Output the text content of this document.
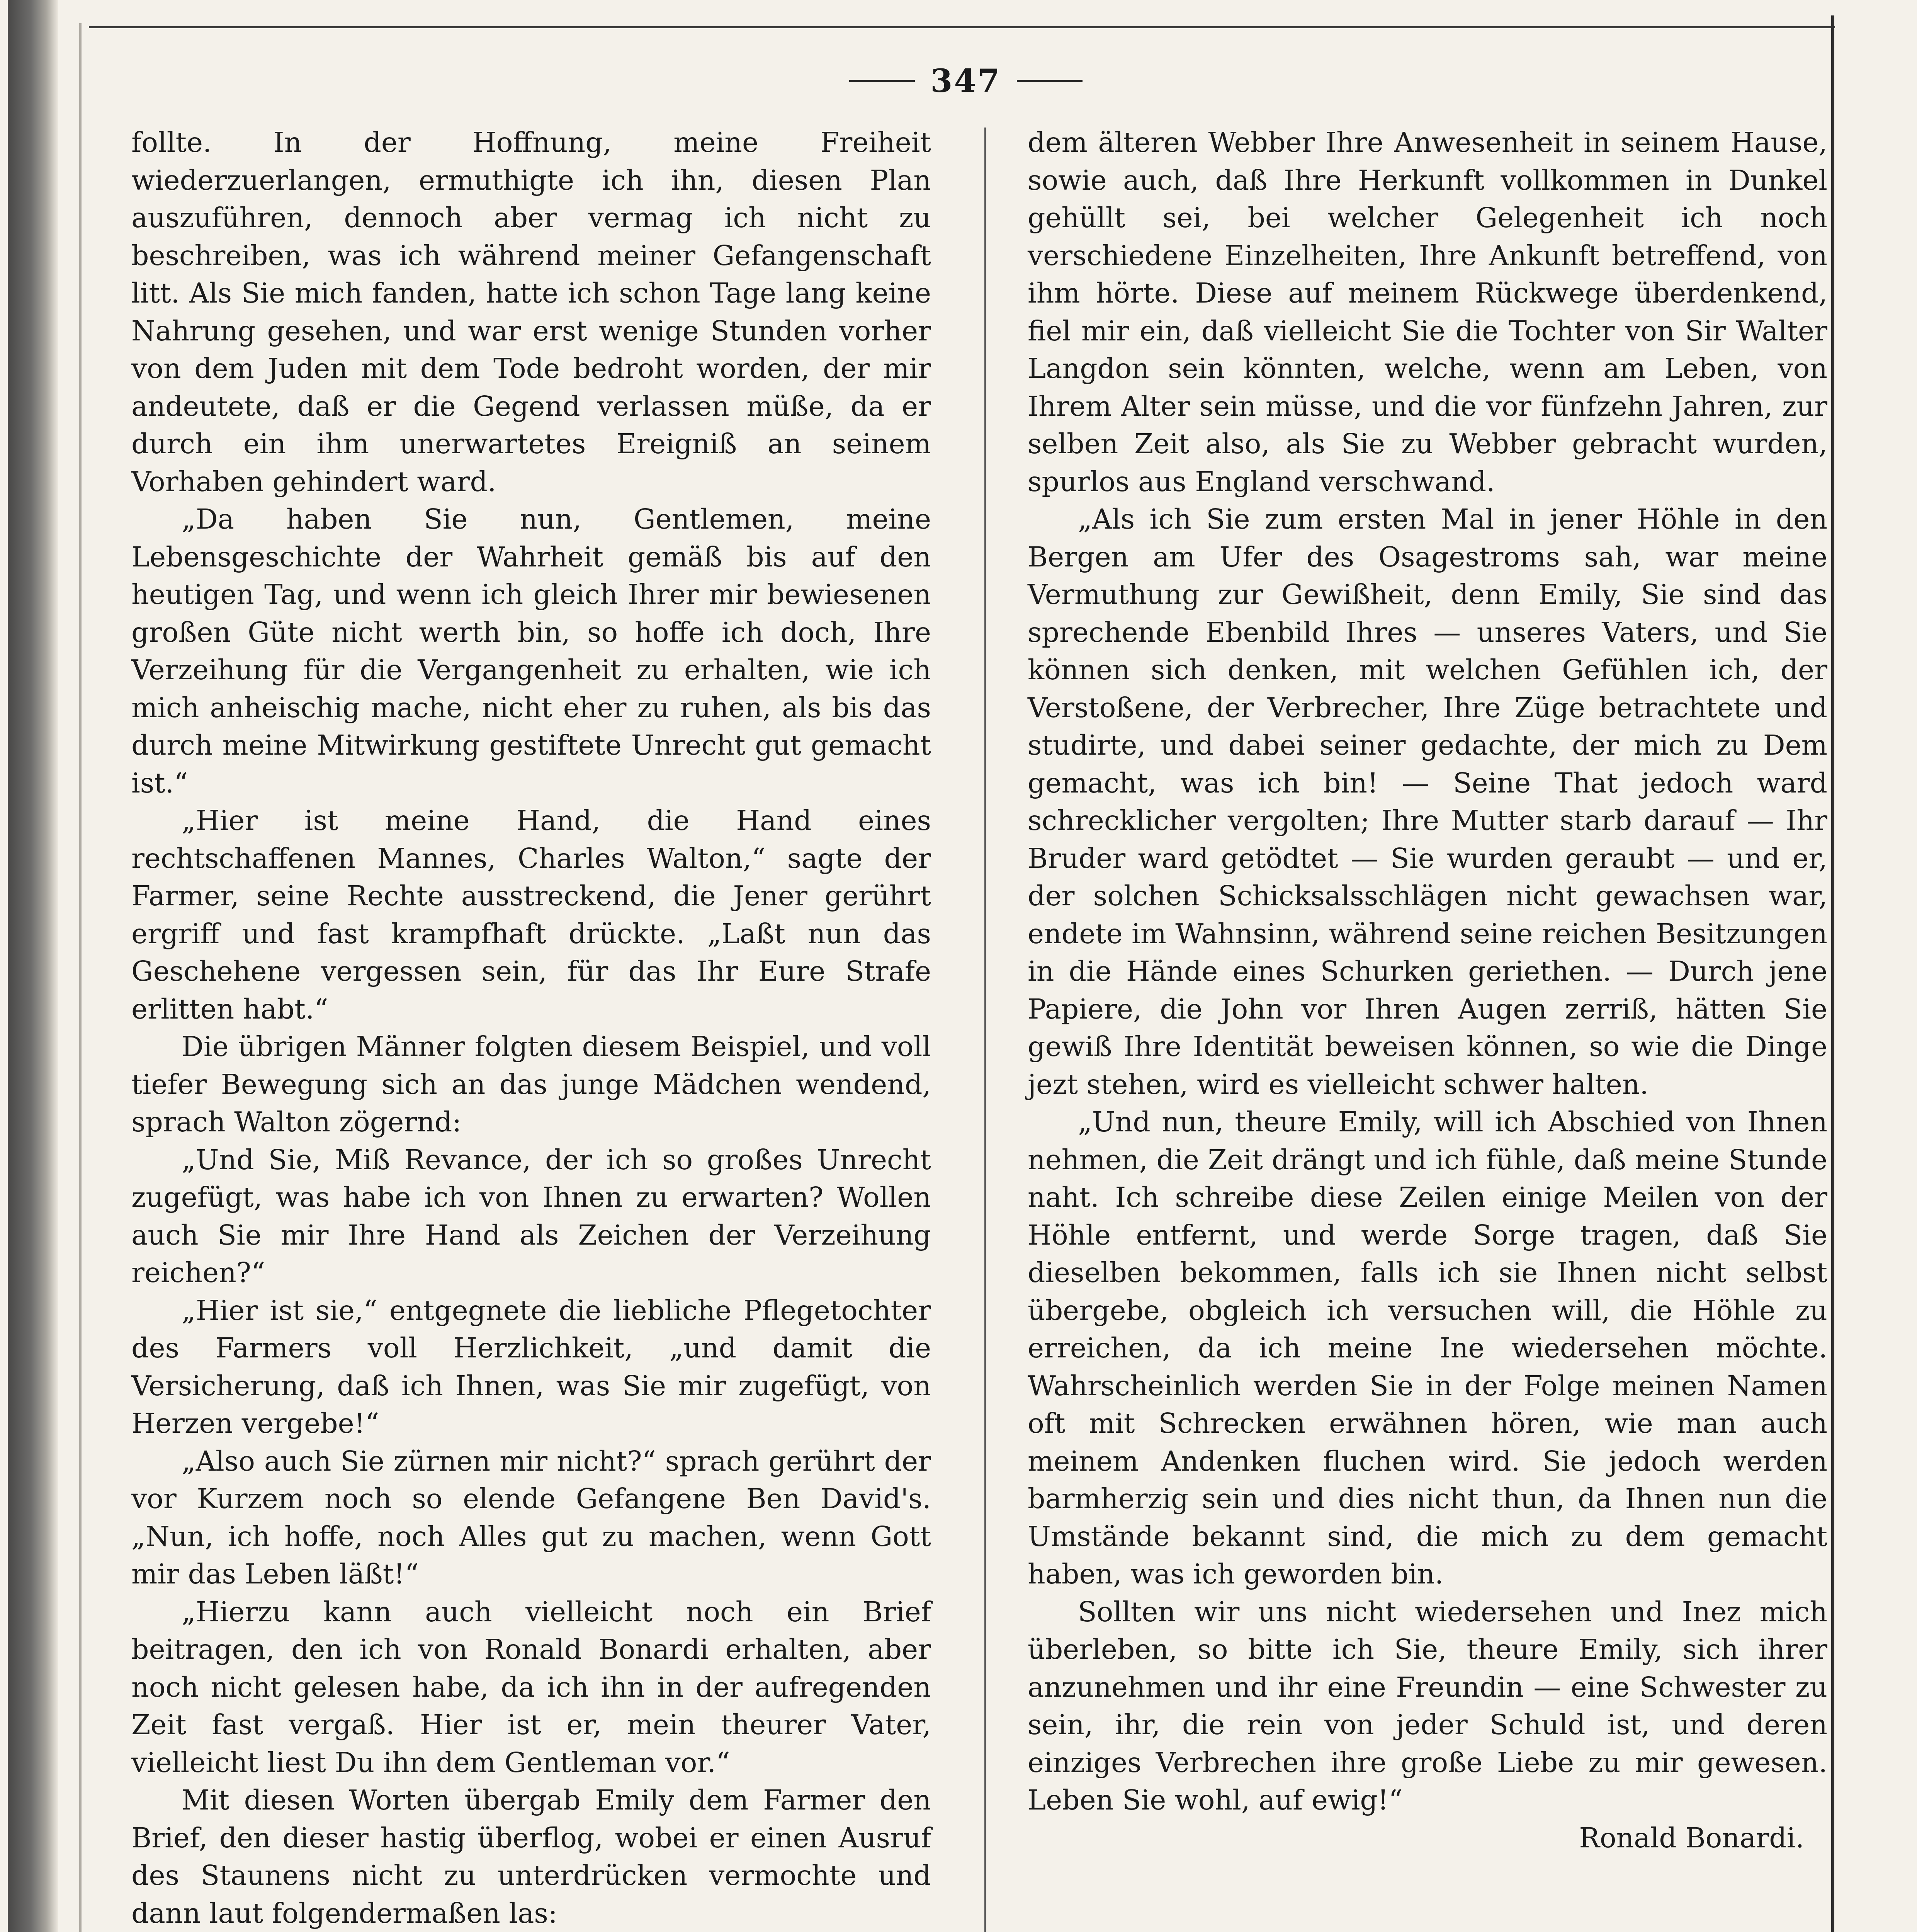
347

follte. In der Hoffnung, meine Freiheit wiederzuerlangen, ermuthigte ich ihn, diesen Plan auszuführen, dennoch aber vermag ich nicht zu beschreiben, was ich während meiner Gefangenschaft litt. Als Sie mich fanden, hatte ich schon Tage lang keine Nahrung gesehen, und war erst wenige Stunden vorher von dem Juden mit dem Tode bedroht worden, der mir andeutete, daß er die Gegend verlassen müße, da er durch ein ihm unerwartetes Ereigniß an seinem Vorhaben gehindert ward.

„Da haben Sie nun, Gentlemen, meine Lebensgeschichte der Wahrheit gemäß bis auf den heutigen Tag, und wenn ich gleich Ihrer mir bewiesenen großen Güte nicht werth bin, so hoffe ich doch, Ihre Verzeihung für die Vergangenheit zu erhalten, wie ich mich anheischig mache, nicht eher zu ruhen, als bis das durch meine Mitwirkung gestiftete Unrecht gut gemacht ist.“

„Hier ist meine Hand, die Hand eines rechtschaffenen Mannes, Charles Walton,“ sagte der Farmer, seine Rechte ausstreckend, die Jener gerührt ergriff und fast krampfhaft drückte. „Laßt nun das Geschehene vergessen sein, für das Ihr Eure Strafe erlitten habt.“

Die übrigen Männer folgten diesem Beispiel, und voll tiefer Bewegung sich an das junge Mädchen wendend, sprach Walton zögernd:

„Und Sie, Miß Revance, der ich so großes Unrecht zugefügt, was habe ich von Ihnen zu erwarten? Wollen auch Sie mir Ihre Hand als Zeichen der Verzeihung reichen?“

„Hier ist sie,“ entgegnete die liebliche Pflegetochter des Farmers voll Herzlichkeit, „und damit die Versicherung, daß ich Ihnen, was Sie mir zugefügt, von Herzen vergebe!“

„Also auch Sie zürnen mir nicht?“ sprach gerührt der vor Kurzem noch so elende Gefangene Ben David's. „Nun, ich hoffe, noch Alles gut zu machen, wenn Gott mir das Leben läßt!“

„Hierzu kann auch vielleicht noch ein Brief beitragen, den ich von Ronald Bonardi erhalten, aber noch nicht gelesen habe, da ich ihn in der aufregenden Zeit fast vergaß. Hier ist er, mein theurer Vater, vielleicht liest Du ihn dem Gentleman vor.“

Mit diesen Worten übergab Emily dem Farmer den Brief, den dieser hastig überflog, wobei er einen Ausruf des Staunens nicht zu unterdrücken vermochte und dann laut folgendermaßen las:

dem älteren Webber Ihre Anwesenheit in seinem Hause, sowie auch, daß Ihre Herkunft vollkommen in Dunkel gehüllt sei, bei welcher Gelegenheit ich noch verschiedene Einzelheiten, Ihre Ankunft betreffend, von ihm hörte. Diese auf meinem Rückwege überdenkend, fiel mir ein, daß vielleicht Sie die Tochter von Sir Walter Langdon sein könnten, welche, wenn am Leben, von Ihrem Alter sein müsse, und die vor fünfzehn Jahren, zur selben Zeit also, als Sie zu Webber gebracht wurden, spurlos aus England verschwand.

„Als ich Sie zum ersten Mal in jener Höhle in den Bergen am Ufer des Osagestroms sah, war meine Vermuthung zur Gewißheit, denn Emily, Sie sind das sprechende Ebenbild Ihres — unseres Vaters, und Sie können sich denken, mit welchen Gefühlen ich, der Verstoßene, der Verbrecher, Ihre Züge betrachtete und studirte, und dabei seiner gedachte, der mich zu Dem gemacht, was ich bin! — Seine That jedoch ward schrecklicher vergolten; Ihre Mutter starb darauf — Ihr Bruder ward getödtet — Sie wurden geraubt — und er, der solchen Schicksalsschlägen nicht gewachsen war, endete im Wahnsinn, während seine reichen Besitzungen in die Hände eines Schurken geriethen. — Durch jene Papiere, die John vor Ihren Augen zerriß, hätten Sie gewiß Ihre Identität beweisen können, so wie die Dinge jezt stehen, wird es vielleicht schwer halten.

„Und nun, theure Emily, will ich Abschied von Ihnen nehmen, die Zeit drängt und ich fühle, daß meine Stunde naht. Ich schreibe diese Zeilen einige Meilen von der Höhle entfernt, und werde Sorge tragen, daß Sie dieselben bekommen, falls ich sie Ihnen nicht selbst übergebe, obgleich ich versuchen will, die Höhle zu erreichen, da ich meine Ine wiedersehen möchte. Wahrscheinlich werden Sie in der Folge meinen Namen oft mit Schrecken erwähnen hören, wie man auch meinem Andenken fluchen wird. Sie jedoch werden barmherzig sein und dies nicht thun, da Ihnen nun die Umstände bekannt sind, die mich zu dem gemacht haben, was ich geworden bin.

Sollten wir uns nicht wiedersehen und Inez mich überleben, so bitte ich Sie, theure Emily, sich ihrer anzunehmen und ihr eine Freundin — eine Schwester zu sein, ihr, die rein von jeder Schuld ist, und deren einziges Verbrechen ihre große Liebe zu mir gewesen. Leben Sie wohl, auf ewig!“

Ronald Bonardi.
